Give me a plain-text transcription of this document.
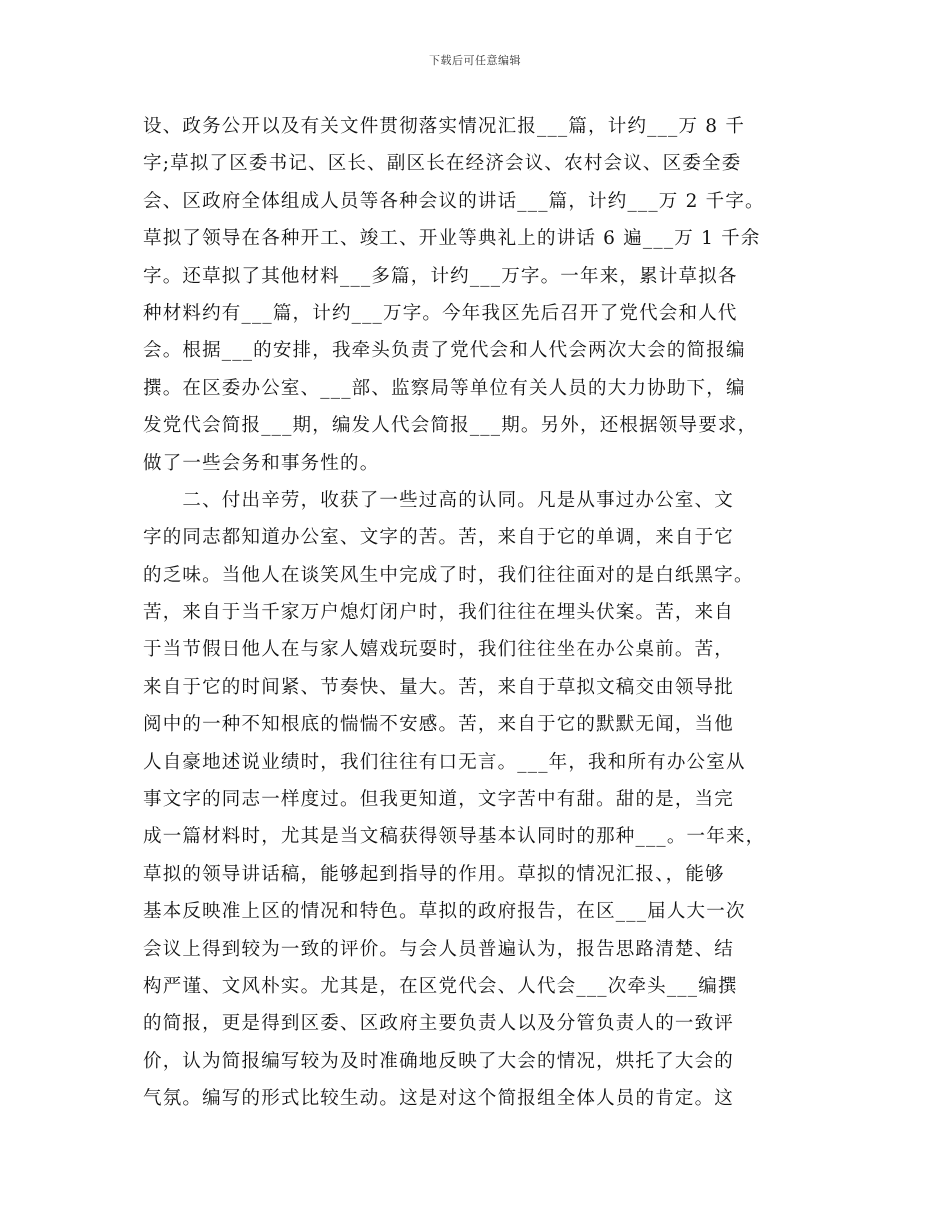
下载后可任意编辑
设、政务公开以及有关文件贯彻落实情况汇报___篇，计约___万 8 千
字;草拟了区委书记、区长、副区长在经济会议、农村会议、区委全委
会、区政府全体组成人员等各种会议的讲话___篇，计约___万 2 千字。
草拟了领导在各种开工、竣工、开业等典礼上的讲话 6 遍___万 1 千余
字。还草拟了其他材料___多篇，计约___万字。一年来，累计草拟各
种材料约有___篇，计约___万字。今年我区先后召开了党代会和人代
会。根据___的安排，我牵头负责了党代会和人代会两次大会的简报编
撰。在区委办公室、___部、监察局等单位有关人员的大力协助下，编
发党代会简报___期，编发人代会简报___期。另外，还根据领导要求，
做了一些会务和事务性的。
　　二、付出辛劳，收获了一些过高的认同。凡是从事过办公室、文
字的同志都知道办公室、文字的苦。苦，来自于它的单调，来自于它
的乏味。当他人在谈笑风生中完成了时，我们往往面对的是白纸黑字。
苦，来自于当千家万户熄灯闭户时，我们往往在埋头伏案。苦，来自
于当节假日他人在与家人嬉戏玩耍时，我们往往坐在办公桌前。苦，
来自于它的时间紧、节奏快、量大。苦，来自于草拟文稿交由领导批
阅中的一种不知根底的惴惴不安感。苦，来自于它的默默无闻，当他
人自豪地述说业绩时，我们往往有口无言。___年，我和所有办公室从
事文字的同志一样度过。但我更知道，文字苦中有甜。甜的是，当完
成一篇材料时，尤其是当文稿获得领导基本认同时的那种___。一年来，
草拟的领导讲话稿，能够起到指导的作用。草拟的情况汇报、，能够
基本反映准上区的情况和特色。草拟的政府报告，在区___届人大一次
会议上得到较为一致的评价。与会人员普遍认为，报告思路清楚、结
构严谨、文风朴实。尤其是，在区党代会、人代会___次牵头___编撰
的简报，更是得到区委、区政府主要负责人以及分管负责人的一致评
价，认为简报编写较为及时准确地反映了大会的情况，烘托了大会的
气氛。编写的形式比较生动。这是对这个简报组全体人员的肯定。这
